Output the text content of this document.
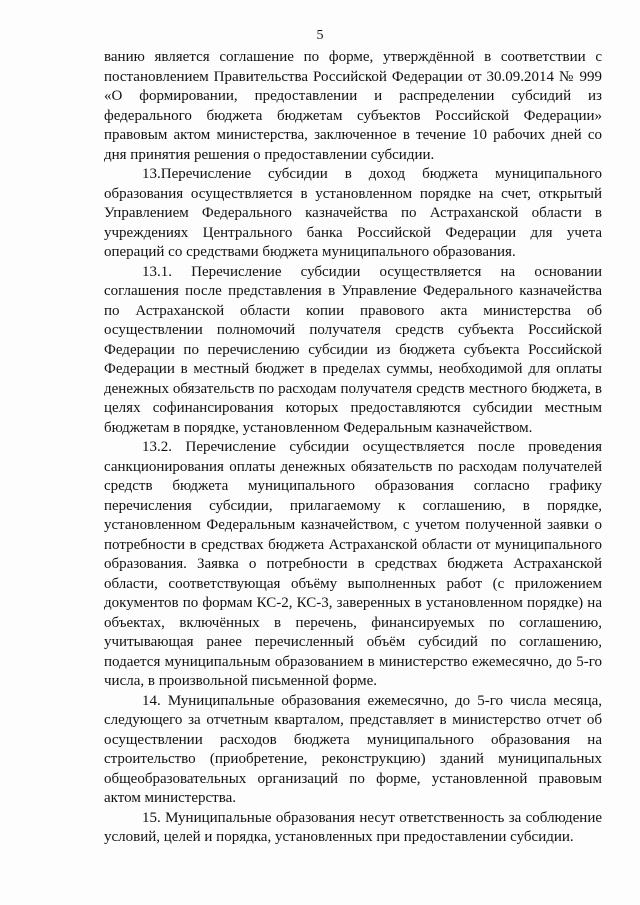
5

ванию является соглашение по форме, утверждённой в соответствии с постановлением Правительства Российской Федерации от 30.09.2014 № 999 «О формировании, предоставлении и распределении субсидий из федерального бюджета бюджетам субъектов Российской Федерации» правовым актом министерства, заключенное в течение 10 рабочих дней со дня принятия решения о предоставлении субсидии.

13.Перечисление субсидии в доход бюджета муниципального образования осуществляется в установленном порядке на счет, открытый Управлением Федерального казначейства по Астраханской области в учреждениях Центрального банка Российской Федерации для учета операций со средствами бюджета муниципального образования.

13.1. Перечисление субсидии осуществляется на основании соглашения после представления в Управление Федерального казначейства по Астраханской области копии правового акта министерства об осуществлении полномочий получателя средств субъекта Российской Федерации по перечислению субсидии из бюджета субъекта Российской Федерации в местный бюджет в пределах суммы, необходимой для оплаты денежных обязательств по расходам получателя средств местного бюджета, в целях софинансирования которых предоставляются субсидии местным бюджетам в порядке, установленном Федеральным казначейством.

13.2. Перечисление субсидии осуществляется после проведения санкционирования оплаты денежных обязательств по расходам получателей средств бюджета муниципального образования согласно графику перечисления субсидии, прилагаемому к соглашению, в порядке, установленном Федеральным казначейством, с учетом полученной заявки о потребности в средствах бюджета Астраханской области от муниципального образования. Заявка о потребности в средствах бюджета Астраханской области, соответствующая объёму выполненных работ (с приложением документов по формам КС-2, КС-3, заверенных в установленном порядке) на объектах, включённых в перечень, финансируемых по соглашению, учитывающая ранее перечисленный объём субсидий по соглашению, подается муниципальным образованием в министерство ежемесячно, до 5-го числа, в произвольной письменной форме.

14. Муниципальные образования ежемесячно, до 5-го числа месяца, следующего за отчетным кварталом, представляет в министерство отчет об осуществлении расходов бюджета муниципального образования на строительство (приобретение, реконструкцию) зданий муниципальных общеобразовательных организаций по форме, установленной правовым актом министерства.

15. Муниципальные образования несут ответственность за соблюдение условий, целей и порядка, установленных при предоставлении субсидии.
